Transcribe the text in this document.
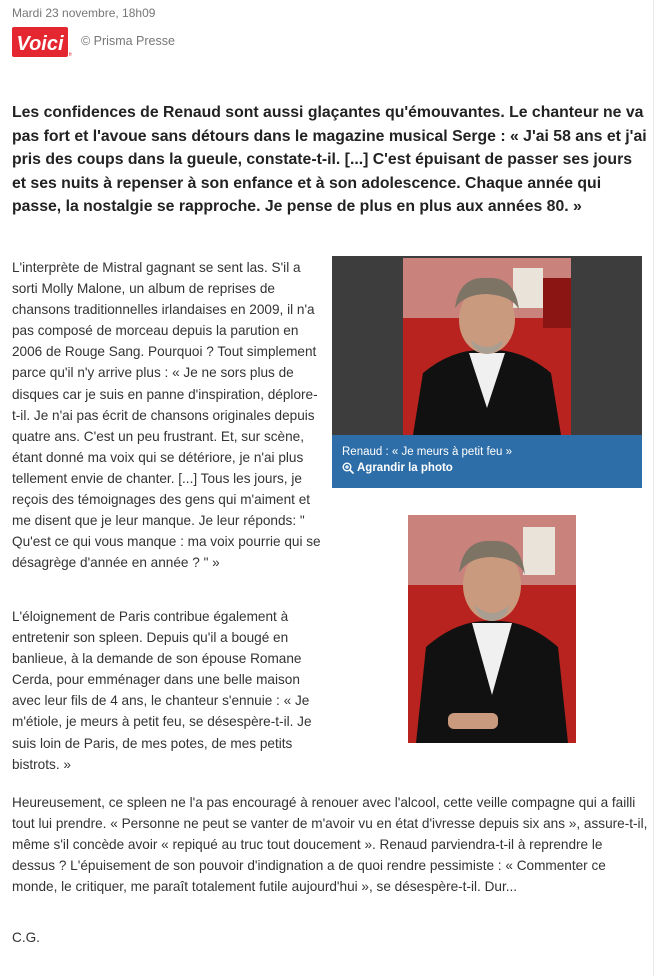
Mardi 23 novembre, 18h09
Voici fr
© Prisma Presse

Les confidences de Renaud sont aussi glaçantes qu'émouvantes. Le chanteur ne va pas fort et l'avoue sans détours dans le magazine musical Serge : « J'ai 58 ans et j'ai pris des coups dans la gueule, constate-t-il. [...] C'est épuisant de passer ses jours et ses nuits à repenser à son enfance et à son adolescence. Chaque année qui passe, la nostalgie se rapproche. Je pense de plus en plus aux années 80. »

L'interprète de Mistral gagnant se sent las. S'il a sorti Molly Malone, un album de reprises de chansons traditionnelles irlandaises en 2009, il n'a pas composé de morceau depuis la parution en 2006 de Rouge Sang. Pourquoi ? Tout simplement parce qu'il n'y arrive plus : « Je ne sors plus de disques car je suis en panne d'inspiration, déplore-t-il. Je n'ai pas écrit de chansons originales depuis quatre ans. C'est un peu frustrant. Et, sur scène, étant donné ma voix qui se détériore, je n'ai plus tellement envie de chanter. [...] Tous les jours, je reçois des témoignages des gens qui m'aiment et me disent que je leur manque. Je leur réponds: " Qu'est ce qui vous manque : ma voix pourrie qui se désagrège d'année en année ? " »

Renaud : « Je meurs à petit feu »
Agrandir la photo

L'éloignement de Paris contribue également à entretenir son spleen. Depuis qu'il a bougé en banlieue, à la demande de son épouse Romane Cerda, pour emménager dans une belle maison avec leur fils de 4 ans, le chanteur s'ennuie : « Je m'étiole, je meurs à petit feu, se désespère-t-il. Je suis loin de Paris, de mes potes, de mes petits bistrots. »

Heureusement, ce spleen ne l'a pas encouragé à renouer avec l'alcool, cette veille compagne qui a failli tout lui prendre. « Personne ne peut se vanter de m'avoir vu en état d'ivresse depuis six ans », assure-t-il, même s'il concède avoir « repiqué au truc tout doucement ». Renaud parviendra-t-il à reprendre le dessus ? L'épuisement de son pouvoir d'indignation a de quoi rendre pessimiste : « Commenter ce monde, le critiquer, me paraît totalement futile aujourd'hui », se désespère-t-il. Dur...

C.G.
